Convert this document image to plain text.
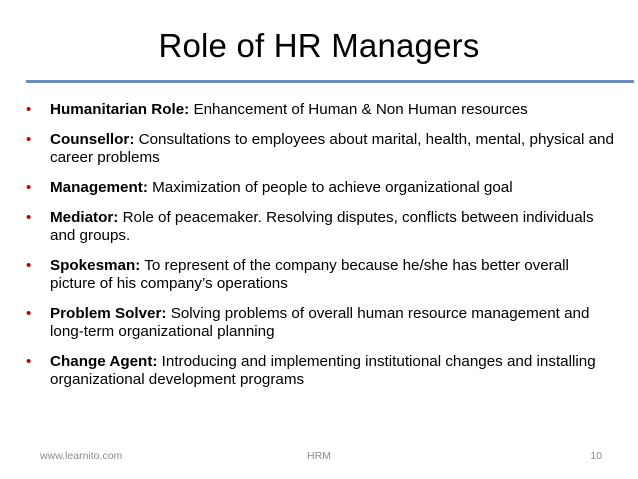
Role of HR Managers
• Humanitarian Role: Enhancement of Human & Non Human resources
• Counsellor: Consultations to employees about marital, health, mental, physical and career problems
• Management: Maximization of people to achieve organizational goal
• Mediator: Role of peacemaker. Resolving disputes, conflicts between individuals and groups.
• Spokesman: To represent of the company because he/she has better overall picture of his company’s operations
• Problem Solver: Solving problems of overall human resource management and long-term organizational planning
• Change Agent: Introducing and implementing institutional changes and installing organizational development programs
www.learnito.com	HRM	10
